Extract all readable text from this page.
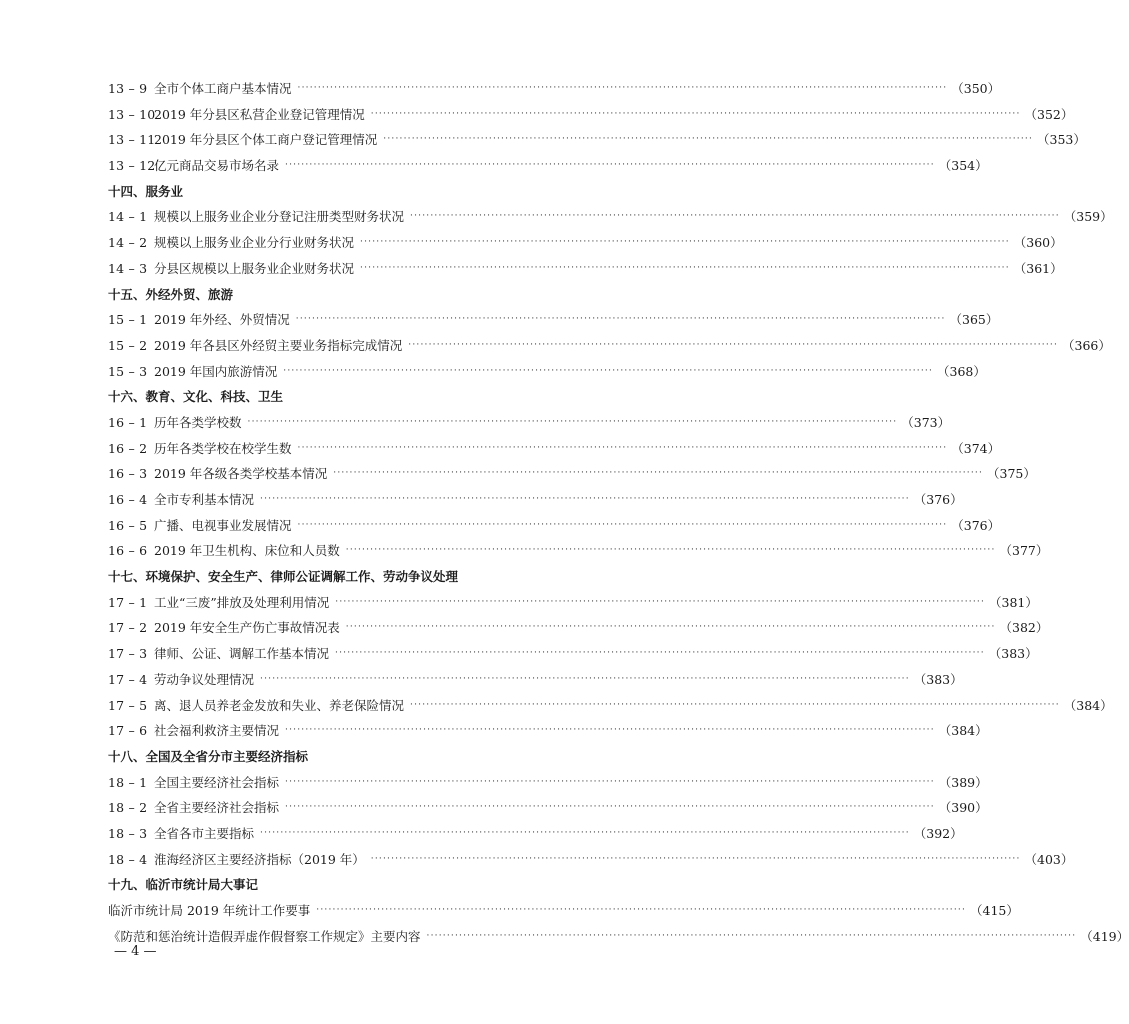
13 – 9 全市个体工商户基本情况 ································································································································································ （350）
13 – 10
2019 年分县区私营企业登记管理情况 ································································································································································ （352）
13 – 11
2019 年分县区个体工商户登记管理情况 ································································································································································ （353）
13 – 12
亿元商品交易市场名录 ································································································································································ （354）
十四、服务业
14 – 1 规模以上服务业企业分登记注册类型财务状况 ································································································································································ （359）
14 – 2 规模以上服务业企业分行业财务状况 ································································································································································ （360）
14 – 3 分县区规模以上服务业企业财务状况 ································································································································································ （361）
十五、外经外贸、旅游
15 – 1 2019 年外经、外贸情况 ································································································································································ （365）
15 – 2 2019 年各县区外经贸主要业务指标完成情况 ································································································································································ （366）
15 – 3 2019 年国内旅游情况 ································································································································································ （368）
十六、教育、文化、科技、卫生
16 – 1 历年各类学校数 ································································································································································ （373）
16 – 2 历年各类学校在校学生数 ································································································································································ （374）
16 – 3 2019 年各级各类学校基本情况 ································································································································································ （375）
16 – 4 全市专利基本情况 ································································································································································ （376）
16 – 5 广播、电视事业发展情况 ································································································································································ （376）
16 – 6 2019 年卫生机构、床位和人员数 ································································································································································ （377）
十七、环境保护、安全生产、律师公证调解工作、劳动争议处理
17 – 1 工业“三废”排放及处理利用情况 ································································································································································ （381）
17 – 2 2019 年安全生产伤亡事故情况表 ································································································································································ （382）
17 – 3 律师、公证、调解工作基本情况 ································································································································································ （383）
17 – 4 劳动争议处理情况 ································································································································································ （383）
17 – 5 离、退人员养老金发放和失业、养老保险情况 ································································································································································ （384）
17 – 6 社会福利救济主要情况 ································································································································································ （384）
十八、全国及全省分市主要经济指标
18 – 1 全国主要经济社会指标 ································································································································································ （389）
18 – 2 全省主要经济社会指标 ································································································································································ （390）
18 – 3 全省各市主要指标 ································································································································································ （392）
18 – 4 淮海经济区主要经济指标（2019 年） ································································································································································ （403）
十九、临沂市统计局大事记
临沂市统计局 2019 年统计工作要事 ································································································································································ （415）
《防范和惩治统计造假弄虚作假督察工作规定》主要内容 ································································································································································ （419）
— 4 —
